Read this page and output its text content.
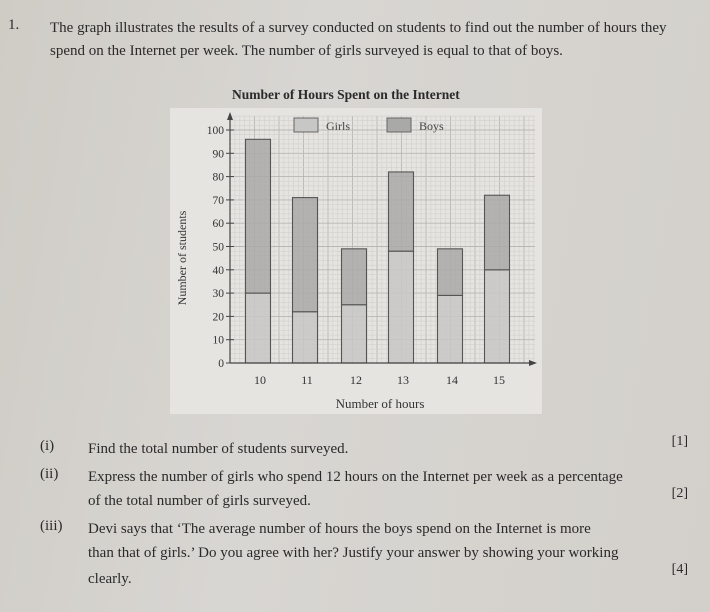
1. The graph illustrates the results of a survey conducted on students to find out the number of hours they spend on the Internet per week. The number of girls surveyed is equal to that of boys.
Number of Hours Spent on the Internet
0
10
20
30
40
50
60
70
80
90
100
10	11	12	13	14	15
Number of hours
Number of students
Girls	Boys
(i) Find the total number of students surveyed.	[1]
(ii) Express the number of girls who spend 12 hours on the Internet per week as a percentage
of the total number of girls surveyed.	[2]
(iii) Devi says that ‘The average number of hours the boys spend on the Internet is more
than that of girls.’ Do you agree with her? Justify your answer by showing your working
clearly.
[4]
